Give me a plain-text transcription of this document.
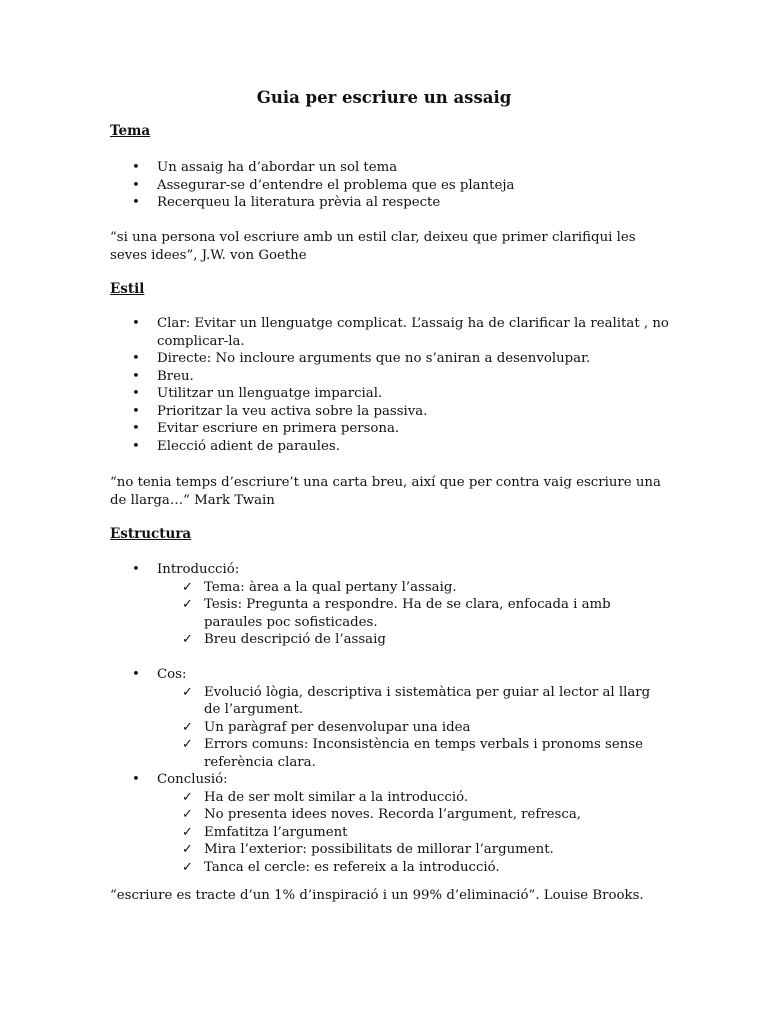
Guia per escriure un assaig
Tema
• Un assaig ha d’abordar un sol tema
• Assegurar-se d’entendre el problema que es planteja
• Recerqueu la literatura prèvia al respecte
“si una persona vol escriure amb un estil clar, deixeu que primer clarifiqui les seves idees”, J.W. von Goethe
Estil
• Clar: Evitar un llenguatge complicat. L’assaig ha de clarificar la realitat , no complicar-la.
• Directe: No incloure arguments que no s’aniran a desenvolupar.
• Breu.
• Utilitzar un llenguatge imparcial.
• Prioritzar la veu activa sobre la passiva.
• Evitar escriure en primera persona.
• Elecció adient de paraules.
“no tenia temps d’escriure’t una carta breu, així que per contra vaig escriure una de llarga…” Mark Twain
Estructura
• Introducció:
✓ Tema: àrea a la qual pertany l’assaig.
✓ Tesis: Pregunta a respondre. Ha de se clara, enfocada i amb paraules poc sofisticades.
✓ Breu descripció de l’assaig
• Cos:
✓ Evolució lògia, descriptiva i sistemàtica per guiar al lector al llarg de l’argument.
✓ Un paràgraf per desenvolupar una idea
✓ Errors comuns: Inconsistència en temps verbals i pronoms sense referència clara.
• Conclusió:
✓ Ha de ser molt similar a la introducció.
✓ No presenta idees noves. Recorda l’argument, refresca,
✓ Emfatitza l’argument
✓ Mira l’exterior: possibilitats de millorar l’argument.
✓ Tanca el cercle: es refereix a la introducció.
“escriure es tracte d’un 1% d’inspiració i un 99% d’eliminació”. Louise Brooks.
